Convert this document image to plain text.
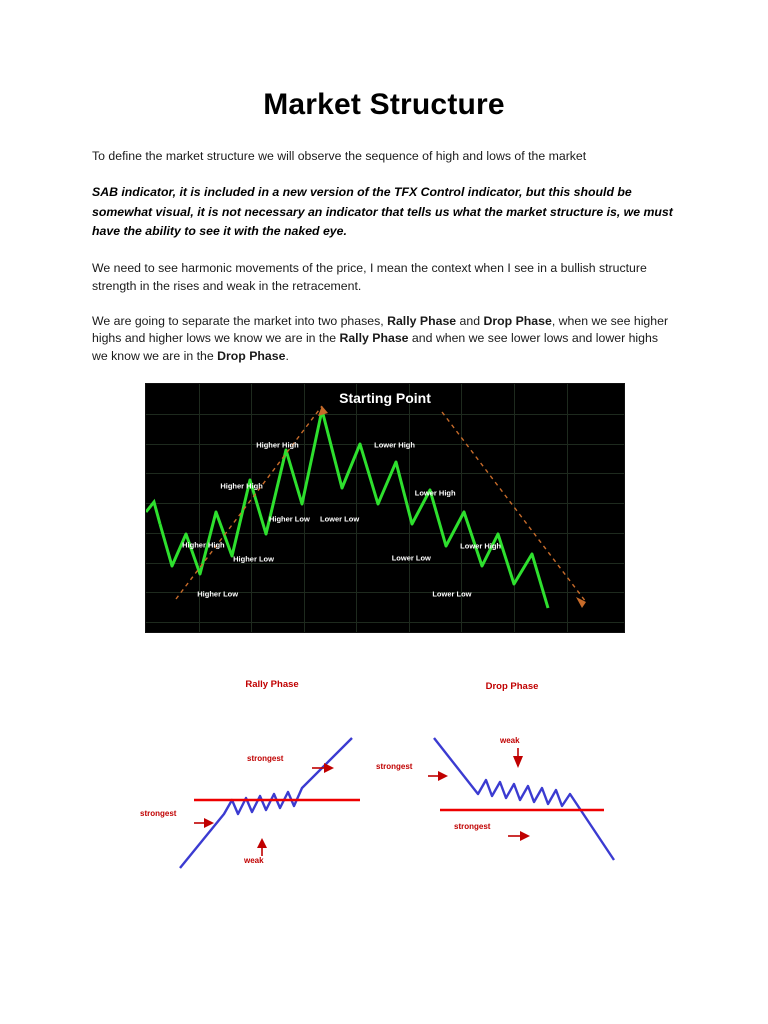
Market Structure

To define the market structure we will observe the sequence of high and lows of the market

SAB indicator, it is included in a new version of the TFX Control indicator, but this should be somewhat visual, it is not necessary an indicator that tells us what the market structure is, we must have the ability to see it with the naked eye.

We need to see harmonic movements of the price, I mean the context when I see in a bullish structure strength in the rises and weak in the retracement.

We are going to separate the market into two phases, Rally Phase and Drop Phase, when we see higher highs and higher lows we know we are in the Rally Phase and when we see lower lows and lower highs we know we are in the Drop Phase.

Starting Point
Higher High
Higher High
Higher High
Higher Low
Higher Low
Higher Low
Lower Low
Lower High
Lower High
Lower High
Lower Low
Lower Low
Rally Phase
strongest
strongest
weak
Drop Phase
weak
strongest
strongest
